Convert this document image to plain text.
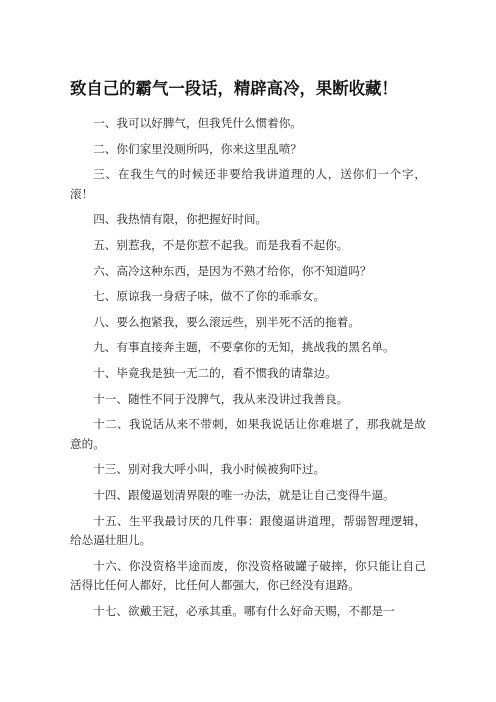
致自己的霸气一段话，精辟高冷，果断收藏！

一、我可以好脾气，但我凭什么惯着你。

二、你们家里没厕所吗，你来这里乱喷？

三、在我生气的时候还非要给我讲道理的人，送你们一个字，滚！

四、我热情有限，你把握好时间。

五、别惹我，不是你惹不起我。而是我看不起你。

六、高冷这种东西，是因为不熟才给你，你不知道吗？

七、原谅我一身痞子味，做不了你的乖乖女。

八、要么抱紧我，要么滚远些，别半死不活的拖着。

九、有事直接奔主题，不要拿你的无知，挑战我的黑名单。

十、毕竟我是独一无二的，看不惯我的请靠边。

十一、随性不同于没脾气，我从来没讲过我善良。

十二、我说话从来不带刺，如果我说话让你难堪了，那我就是故意的。

十三、别对我大呼小叫，我小时候被狗吓过。

十四、跟傻逼划清界限的唯一办法，就是让自己变得牛逼。

十五、生平我最讨厌的几件事：跟傻逼讲道理，帮弱智理逻辑，给怂逼壮胆儿。

十六、你没资格半途而废，你没资格破罐子破摔，你只能让自己活得比任何人都好，比任何人都强大，你已经没有退路。

十七、欲戴王冠，必承其重。哪有什么好命天赐，不都是一
